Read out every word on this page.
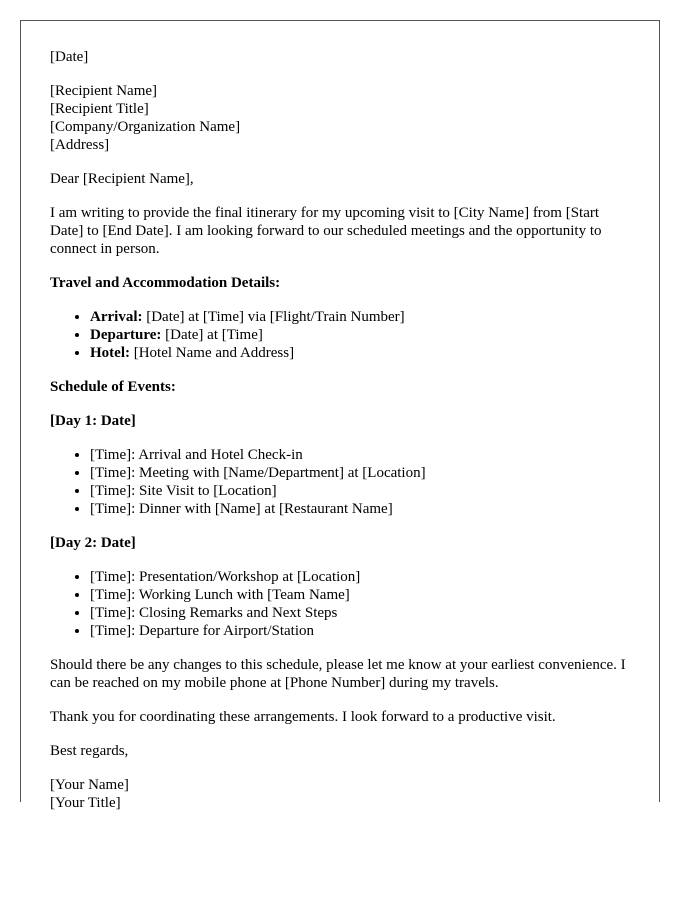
[Date]

[Recipient Name]
[Recipient Title]
[Company/Organization Name]
[Address]

Dear [Recipient Name],

I am writing to provide the final itinerary for my upcoming visit to [City Name] from [Start Date] to [End Date]. I am looking forward to our scheduled meetings and the opportunity to connect in person.

Travel and Accommodation Details:
• Arrival: [Date] at [Time] via [Flight/Train Number]
• Departure: [Date] at [Time]
• Hotel: [Hotel Name and Address]
Schedule of Events:
[Day 1: Date]
• [Time]: Arrival and Hotel Check-in
• [Time]: Meeting with [Name/Department] at [Location]
• [Time]: Site Visit to [Location]
• [Time]: Dinner with [Name] at [Restaurant Name]
[Day 2: Date]
• [Time]: Presentation/Workshop at [Location]
• [Time]: Working Lunch with [Team Name]
• [Time]: Closing Remarks and Next Steps
• [Time]: Departure for Airport/Station

Should there be any changes to this schedule, please let me know at your earliest convenience. I can be reached on my mobile phone at [Phone Number] during my travels.

Thank you for coordinating these arrangements. I look forward to a productive visit.

Best regards,

[Your Name]
[Your Title]
